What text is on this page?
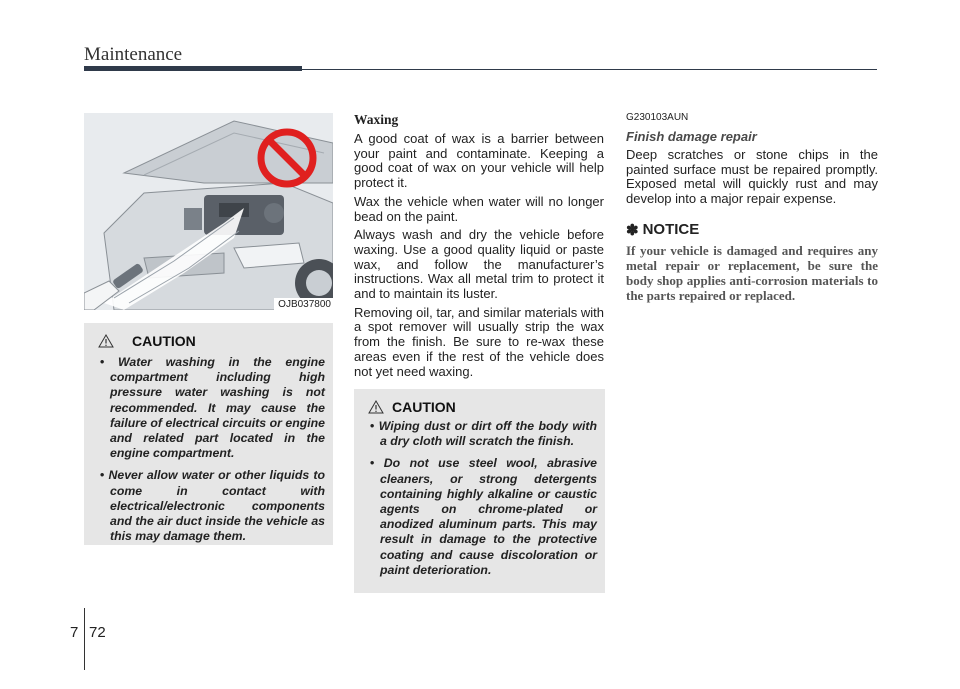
Maintenance
OJB037800
CAUTION
• Water washing in the engine compartment including high pressure water washing is not recommended. It may cause the failure of electrical circuits or engine and related part located in the engine compartment.
• Never allow water or other liquids to come in contact with electrical/electronic components and the air duct inside the vehicle as this may damage them.
Waxing

A good coat of wax is a barrier between your paint and contaminate. Keeping a good coat of wax on your vehicle will help protect it.

Wax the vehicle when water will no longer bead on the paint.

Always wash and dry the vehicle before waxing. Use a good quality liquid or paste wax, and follow the manufacturer’s instructions. Wax all metal trim to protect it and to maintain its luster.

Removing oil, tar, and similar materials with a spot remover will usually strip the wax from the finish. Be sure to re-wax these areas even if the rest of the vehicle does not yet need waxing.

CAUTION
• Wiping dust or dirt off the body with a dry cloth will scratch the finish.
• Do not use steel wool, abrasive cleaners, or strong detergents containing highly alkaline or caustic agents on chrome-plated or anodized aluminum parts. This may result in damage to the protective coating and cause discoloration or paint deterioration.
G230103AUN
Finish damage repair

Deep scratches or stone chips in the painted surface must be repaired promptly. Exposed metal will quickly rust and may develop into a major repair expense.

✽ NOTICE

If your vehicle is damaged and requires any metal repair or replacement, be sure the body shop applies anti-corrosion materials to the parts repaired or replaced.

7 72
